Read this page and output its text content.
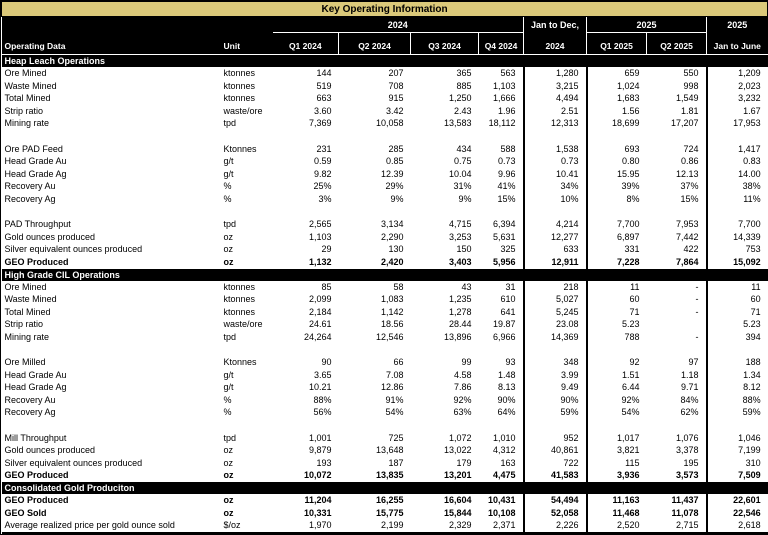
Key Operating Information									
		2024				Jan to Dec,	2025		2025
Operating Data	Unit	Q1 2024	Q2 2024	Q3 2024	Q4 2024	2024	Q1 2025	Q2 2025	Jan to June
Heap Leach Operations									
Ore Mined	ktonnes	144	207	365	563	1,280	659	550	1,209
Waste Mined	ktonnes	519	708	885	1,103	3,215	1,024	998	2,023
Total Mined	ktonnes	663	915	1,250	1,666	4,494	1,683	1,549	3,232
Strip ratio	waste/ore	3.60	3.42	2.43	1.96	2.51	1.56	1.81	1.67
Mining rate	tpd	7,369	10,058	13,583	18,112	12,313	18,699	17,207	17,953

Ore PAD Feed	Ktonnes	231	285	434	588	1,538	693	724	1,417
Head Grade Au	g/t	0.59	0.85	0.75	0.73	0.73	0.80	0.86	0.83
Head Grade Ag	g/t	9.82	12.39	10.04	9.96	10.41	15.95	12.13	14.00
Recovery Au	%	25%	29%	31%	41%	34%	39%	37%	38%
Recovery Ag	%	3%	9%	9%	15%	10%	8%	15%	11%

PAD Throughput	tpd	2,565	3,134	4,715	6,394	4,214	7,700	7,953	7,700
Gold ounces produced	oz	1,103	2,290	3,253	5,631	12,277	6,897	7,442	14,339
Silver equivalent ounces produced	oz	29	130	150	325	633	331	422	753
GEO Produced	oz	1,132	2,420	3,403	5,956	12,911	7,228	7,864	15,092
High Grade CIL Operations									
Ore Mined	ktonnes	85	58	43	31	218	11	-	11
Waste Mined	ktonnes	2,099	1,083	1,235	610	5,027	60	-	60
Total Mined	ktonnes	2,184	1,142	1,278	641	5,245	71	-	71
Strip ratio	waste/ore	24.61	18.56	28.44	19.87	23.08	5.23		5.23
Mining rate	tpd	24,264	12,546	13,896	6,966	14,369	788	-	394

Ore Milled	Ktonnes	90	66	99	93	348	92	97	188
Head Grade Au	g/t	3.65	7.08	4.58	1.48	3.99	1.51	1.18	1.34
Head Grade Ag	g/t	10.21	12.86	7.86	8.13	9.49	6.44	9.71	8.12
Recovery Au	%	88%	91%	92%	90%	90%	92%	84%	88%
Recovery Ag	%	56%	54%	63%	64%	59%	54%	62%	59%

Mill Throughput	tpd	1,001	725	1,072	1,010	952	1,017	1,076	1,046
Gold ounces produced	oz	9,879	13,648	13,022	4,312	40,861	3,821	3,378	7,199
Silver equivalent ounces produced	oz	193	187	179	163	722	115	195	310
GEO Produced	oz	10,072	13,835	13,201	4,475	41,583	3,936	3,573	7,509
Consolidated Gold Produciton									
GEO Produced	oz	11,204	16,255	16,604	10,431	54,494	11,163	11,437	22,601
GEO Sold	oz	10,331	15,775	15,844	10,108	52,058	11,468	11,078	22,546
Average realized price per gold ounce sold	$/oz	1,970	2,199	2,329	2,371	2,226	2,520	2,715	2,618
